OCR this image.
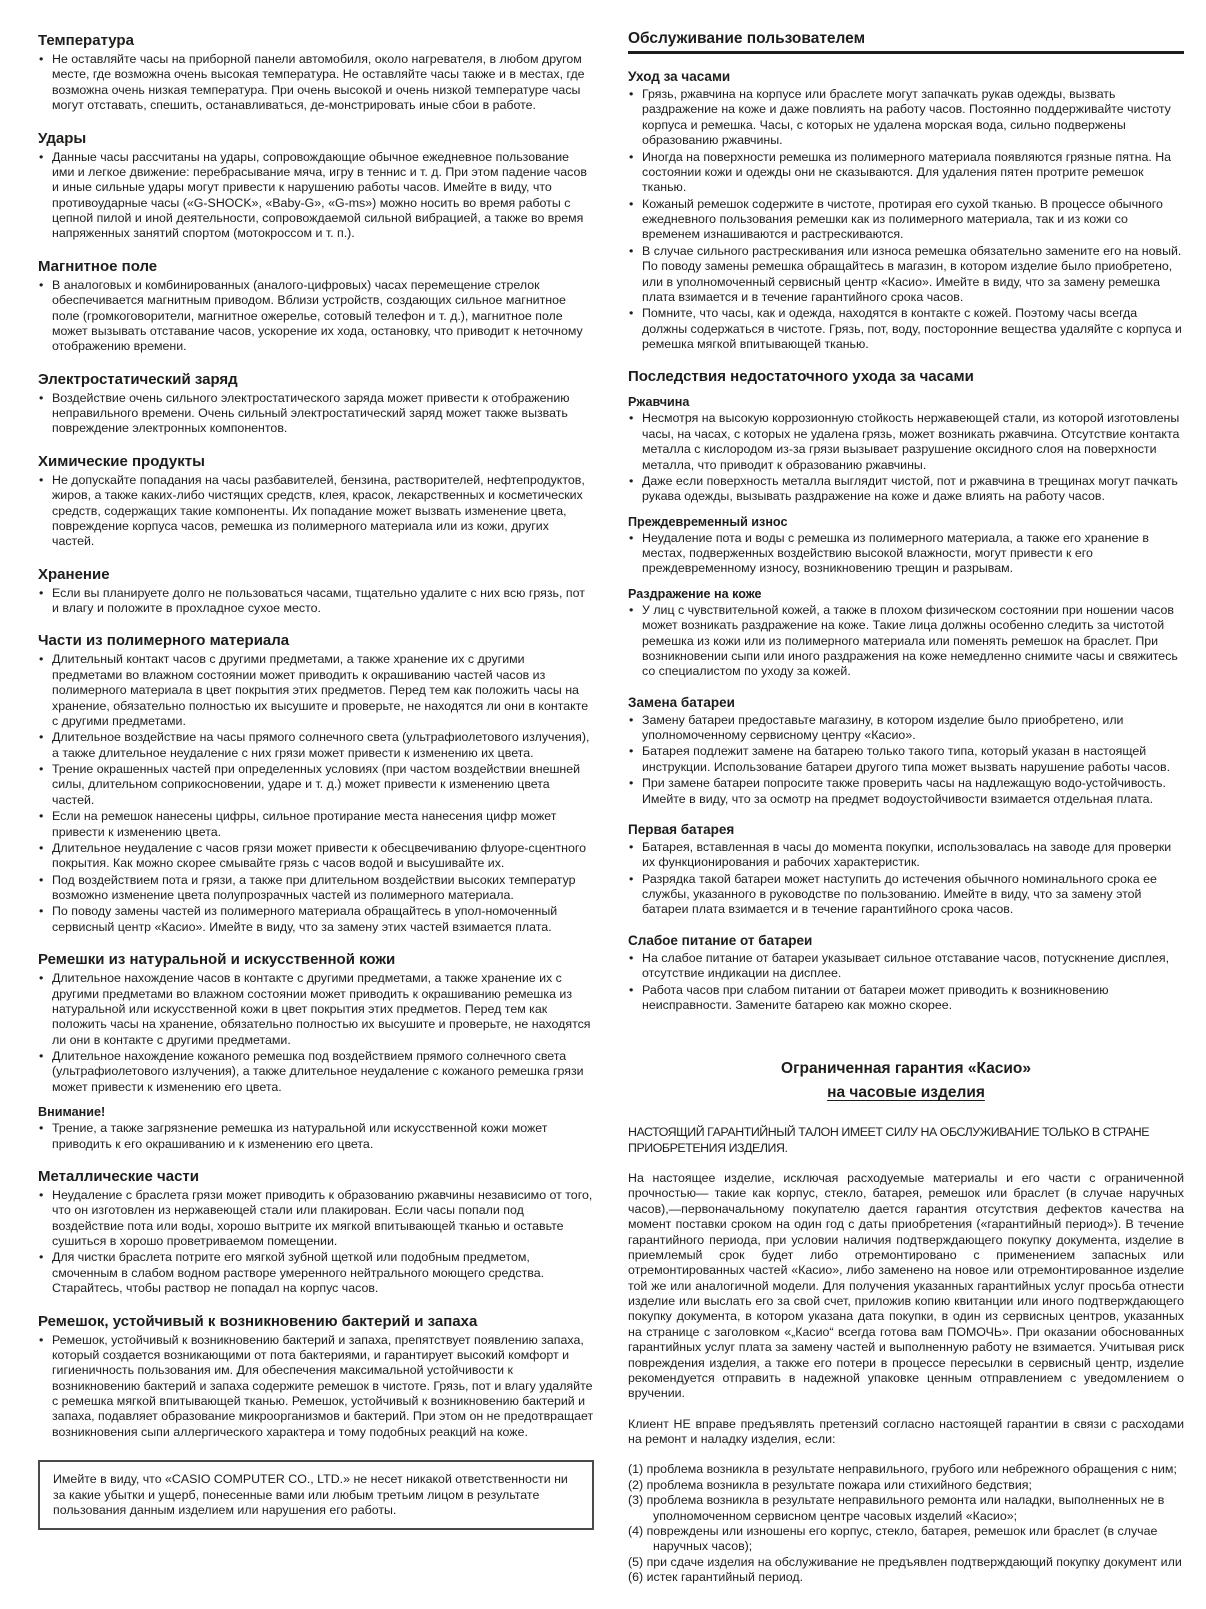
Температура
• Не оставляйте часы на приборной панели автомобиля, около нагревателя, в любом другом месте, где возможна очень высокая температура. Не оставляйте часы также и в местах, где возможна очень низкая температура. При очень высокой и очень низкой температуре часы могут отставать, спешить, останавливаться, де-монстрировать иные сбои в работе.
Удары
• Данные часы рассчитаны на удары, сопровождающие обычное ежедневное пользование ими и легкое движение: перебрасывание мяча, игру в теннис и т. д. При этом падение часов и иные сильные удары могут привести к нарушению работы часов. Имейте в виду, что противоударные часы («G-SHOCK», «Baby-G», «G-ms») можно носить во время работы с цепной пилой и иной деятельности, сопровождаемой сильной вибрацией, а также во время напряженных занятий спортом (мотокроссом и т. п.).
Магнитное поле
• В аналоговых и комбинированных (аналого-цифровых) часах перемещение стрелок обеспечивается магнитным приводом. Вблизи устройств, создающих сильное магнитное поле (громкоговорители, магнитное ожерелье, сотовый телефон и т. д.), магнитное поле может вызывать отставание часов, ускорение их хода, остановку, что приводит к неточному отображению времени.
Электростатический заряд
• Воздействие очень сильного электростатического заряда может привести к отображению неправильного времени. Очень сильный электростатический заряд может также вызвать повреждение электронных компонентов.
Химические продукты
• Не допускайте попадания на часы разбавителей, бензина, растворителей, нефтепродуктов, жиров, а также каких-либо чистящих средств, клея, красок, лекарственных и косметических средств, содержащих такие компоненты. Их попадание может вызвать изменение цвета, повреждение корпуса часов, ремешка из полимерного материала или из кожи, других частей.
Хранение
• Если вы планируете долго не пользоваться часами, тщательно удалите с них всю грязь, пот и влагу и положите в прохладное сухое место.
Части из полимерного материала
• Длительный контакт часов с другими предметами, а также хранение их с другими предметами во влажном состоянии может приводить к окрашиванию частей часов из полимерного материала в цвет покрытия этих предметов. Перед тем как положить часы на хранение, обязательно полностью их высушите и проверьте, не находятся ли они в контакте с другими предметами.
• Длительное воздействие на часы прямого солнечного света (ультрафиолетового излучения), а также длительное неудаление с них грязи может привести к изменению их цвета.
• Трение окрашенных частей при определенных условиях (при частом воздействии внешней силы, длительном соприкосновении, ударе и т. д.) может привести к изменению цвета частей.
• Если на ремешок нанесены цифры, сильное протирание места нанесения цифр может привести к изменению цвета.
• Длительное неудаление с часов грязи может привести к обесцвечиванию флуоре-сцентного покрытия. Как можно скорее смывайте грязь с часов водой и высушивайте их.
• Под воздействием пота и грязи, а также при длительном воздействии высоких температур возможно изменение цвета полупрозрачных частей из полимерного материала.
• По поводу замены частей из полимерного материала обращайтесь в упол-номоченный сервисный центр «Касио». Имейте в виду, что за замену этих частей взимается плата.
Ремешки из натуральной и искусственной кожи
• Длительное нахождение часов в контакте с другими предметами, а также хранение их с другими предметами во влажном состоянии может приводить к окрашиванию ремешка из натуральной или искусственной кожи в цвет покрытия этих предметов. Перед тем как положить часы на хранение, обязательно полностью их высушите и проверьте, не находятся ли они в контакте с другими предметами.
• Длительное нахождение кожаного ремешка под воздействием прямого солнечного света (ультрафиолетового излучения), а также длительное неудаление с кожаного ремешка грязи может привести к изменению его цвета.
Внимание!
• Трение, а также загрязнение ремешка из натуральной или искусственной кожи может приводить к его окрашиванию и к изменению его цвета.
Металлические части
• Неудаление с браслета грязи может приводить к образованию ржавчины независимо от того, что он изготовлен из нержавеющей стали или плакирован. Если часы попали под воздействие пота или воды, хорошо вытрите их мягкой впитывающей тканью и оставьте сушиться в хорошо проветриваемом помещении.
• Для чистки браслета потрите его мягкой зубной щеткой или подобным предметом, смоченным в слабом водном растворе умеренного нейтрального моющего средства. Старайтесь, чтобы раствор не попадал на корпус часов.
Ремешок, устойчивый к возникновению бактерий и запаха
• Ремешок, устойчивый к возникновению бактерий и запаха, препятствует появлению запаха, который создается возникающими от пота бактериями, и гарантирует высокий комфорт и гигиеничность пользования им. Для обеспечения максимальной устойчивости к возникновению бактерий и запаха содержите ремешок в чистоте. Грязь, пот и влагу удаляйте с ремешка мягкой впитывающей тканью. Ремешок, устойчивый к возникновению бактерий и запаха, подавляет образование микроорганизмов и бактерий. При этом он не предотвращает возникновения сыпи аллергического характера и тому подобных реакций на коже.
Имейте в виду, что «CASIO COMPUTER CO., LTD.» не несет никакой ответственности ни за какие убытки и ущерб, понесенные вами или любым третьим лицом в результате пользования данным изделием или нарушения его работы.
Обслуживание пользователем
Уход за часами
• Грязь, ржавчина на корпусе или браслете могут запачкать рукав одежды, вызвать раздражение на коже и даже повлиять на работу часов. Постоянно поддерживайте чистоту корпуса и ремешка. Часы, с которых не удалена морская вода, сильно подвержены образованию ржавчины.
• Иногда на поверхности ремешка из полимерного материала появляются грязные пятна. На состоянии кожи и одежды они не сказываются. Для удаления пятен протрите ремешок тканью.
• Кожаный ремешок содержите в чистоте, протирая его сухой тканью. В процессе обычного ежедневного пользования ремешки как из полимерного материала, так и из кожи со временем изнашиваются и растрескиваются.
• В случае сильного растрескивания или износа ремешка обязательно замените его на новый. По поводу замены ремешка обращайтесь в магазин, в котором изделие было приобретено, или в уполномоченный сервисный центр «Касио». Имейте в виду, что за замену ремешка плата взимается и в течение гарантийного срока часов.
• Помните, что часы, как и одежда, находятся в контакте с кожей. Поэтому часы всегда должны содержаться в чистоте. Грязь, пот, воду, посторонние вещества удаляйте с корпуса и ремешка мягкой впитывающей тканью.
Последствия недостаточного ухода за часами
Ржавчина
• Несмотря на высокую коррозионную стойкость нержавеющей стали, из которой изготовлены часы, на часах, с которых не удалена грязь, может возникать ржавчина. Отсутствие контакта металла с кислородом из-за грязи вызывает разрушение оксидного слоя на поверхности металла, что приводит к образованию ржавчины.
• Даже если поверхность металла выглядит чистой, пот и ржавчина в трещинах могут пачкать рукава одежды, вызывать раздражение на коже и даже влиять на работу часов.
Преждевременный износ
• Неудаление пота и воды с ремешка из полимерного материала, а также его хранение в местах, подверженных воздействию высокой влажности, могут привести к его преждевременному износу, возникновению трещин и разрывам.
Раздражение на коже
• У лиц с чувствительной кожей, а также в плохом физическом состоянии при ношении часов может возникать раздражение на коже. Такие лица должны особенно следить за чистотой ремешка из кожи или из полимерного материала или поменять ремешок на браслет. При возникновении сыпи или иного раздражения на коже немедленно снимите часы и свяжитесь со специалистом по уходу за кожей.
Замена батареи
• Замену батареи предоставьте магазину, в котором изделие было приобретено, или уполномоченному сервисному центру «Касио».
• Батарея подлежит замене на батарею только такого типа, который указан в настоящей инструкции. Использование батареи другого типа может вызвать нарушение работы часов.
• При замене батареи попросите также проверить часы на надлежащую водо-устойчивость. Имейте в виду, что за осмотр на предмет водоустойчивости взимается отдельная плата.
Первая батарея
• Батарея, вставленная в часы до момента покупки, использовалась на заводе для проверки их функционирования и рабочих характеристик.
• Разрядка такой батареи может наступить до истечения обычного номинального срока ее службы, указанного в руководстве по пользованию. Имейте в виду, что за замену этой батареи плата взимается и в течение гарантийного срока часов.
Слабое питание от батареи
• На слабое питание от батареи указывает сильное отставание часов, потускнение дисплея, отсутствие индикации на дисплее.
• Работа часов при слабом питании от батареи может приводить к возникновению неисправности. Замените батарею как можно скорее.
Ограниченная гарантия «Касио»
на часовые изделия

НАСТОЯЩИЙ ГАРАНТИЙНЫЙ ТАЛОН ИМЕЕТ СИЛУ НА ОБСЛУЖИВАНИЕ ТОЛЬКО В СТРАНЕ ПРИОБРЕТЕНИЯ ИЗДЕЛИЯ.

На настоящее изделие, исключая расходуемые материалы и его части с ограниченной прочностью— такие как корпус, стекло, батарея, ремешок или браслет (в случае наручных часов),—первоначальному покупателю дается гарантия отсутствия дефектов качества на момент поставки сроком на один год с даты приобретения («гарантийный период»). В течение гарантийного периода, при условии наличия подтверждающего покупку документа, изделие в приемлемый срок будет либо отремонтировано с применением запасных или отремонтированных частей «Касио», либо заменено на новое или отремонтированное изделие той же или аналогичной модели. Для получения указанных гарантийных услуг просьба отнести изделие или выслать его за свой счет, приложив копию квитанции или иного подтверждающего покупку документа, в котором указана дата покупки, в один из сервисных центров, указанных на странице с заголовком «„Касио“ всегда готова вам ПОМОЧЬ». При оказании обоснованных гарантийных услуг плата за замену частей и выполненную работу не взимается. Учитывая риск повреждения изделия, а также его потери в процессе пересылки в сервисный центр, изделие рекомендуется отправить в надежной упаковке ценным отправлением с уведомлением о вручении.

Клиент НЕ вправе предъявлять претензий согласно настоящей гарантии в связи с расходами на ремонт и наладку изделия, если:

(1) проблема возникла в результате неправильного, грубого или небрежного обращения с ним;
(2) проблема возникла в результате пожара или стихийного бедствия;
(3) проблема возникла в результате неправильного ремонта или наладки, выполненных не в уполномоченном сервисном центре часовых изделий «Касио»;
(4) повреждены или изношены его корпус, стекло, батарея, ремешок или браслет (в случае наручных часов);
(5) при сдаче изделия на обслуживание не предъявлен подтверждающий покупку документ или
(6) истек гарантийный период.
